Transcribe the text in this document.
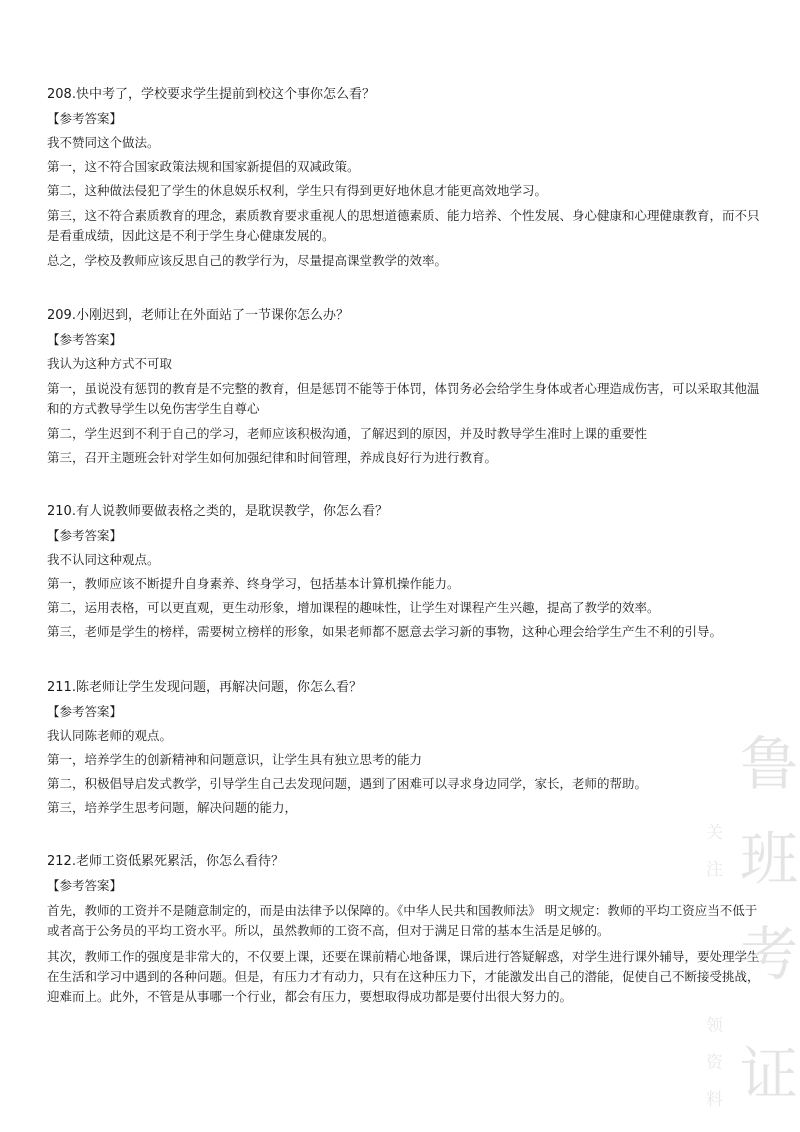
208.快中考了，学校要求学生提前到校这个事你怎么看？

【参考答案】

我不赞同这个做法。

第一，这不符合国家政策法规和国家新提倡的双减政策。

第二，这种做法侵犯了学生的休息娱乐权利，学生只有得到更好地休息才能更高效地学习。

第三，这不符合素质教育的理念，素质教育要求重视人的思想道德素质、能力培养、个性发展、身心健康和心理健康教育，而不只是看重成绩，因此这是不利于学生身心健康发展的。

总之，学校及教师应该反思自己的教学行为，尽量提高课堂教学的效率。

209.小刚迟到，老师让在外面站了一节课你怎么办？

【参考答案】

我认为这种方式不可取

第一，虽说没有惩罚的教育是不完整的教育，但是惩罚不能等于体罚，体罚务必会给学生身体或者心理造成伤害，可以采取其他温和的方式教导学生以免伤害学生自尊心

第二，学生迟到不利于自己的学习，老师应该积极沟通，了解迟到的原因，并及时教导学生准时上课的重要性

第三，召开主题班会针对学生如何加强纪律和时间管理，养成良好行为进行教育。

210.有人说教师要做表格之类的，是耽误教学，你怎么看？

【参考答案】

我不认同这种观点。

第一，教师应该不断提升自身素养、终身学习，包括基本计算机操作能力。

第二，运用表格，可以更直观，更生动形象，增加课程的趣味性，让学生对课程产生兴趣，提高了教学的效率。

第三，老师是学生的榜样，需要树立榜样的形象，如果老师都不愿意去学习新的事物，这种心理会给学生产生不利的引导。

211.陈老师让学生发现问题，再解决问题，你怎么看？

【参考答案】

我认同陈老师的观点。

第一，培养学生的创新精神和问题意识，让学生具有独立思考的能力

第二，积极倡导启发式教学，引导学生自己去发现问题，遇到了困难可以寻求身边同学，家长，老师的帮助。

第三，培养学生思考问题，解决问题的能力，

212.老师工资低累死累活，你怎么看待？

【参考答案】

首先，教师的工资并不是随意制定的，而是由法律予以保障的。《中华人民共和国教师法》 明文规定：教师的平均工资应当不低于或者高于公务员的平均工资水平。所以，虽然教师的工资不高，但对于满足日常的基本生活是足够的。

其次，教师工作的强度是非常大的，不仅要上课，还要在课前精心地备课，课后进行答疑解惑，对学生进行课外辅导，要处理学生在生活和学习中遇到的各种问题。但是，有压力才有动力，只有在这种压力下，才能激发出自己的潜能，促使自己不断接受挑战，迎难而上。此外，不管是从事哪一个行业，都会有压力，要想取得成功都是要付出很大努力的。

鲁

班

考

证

关

注

领

资

料
